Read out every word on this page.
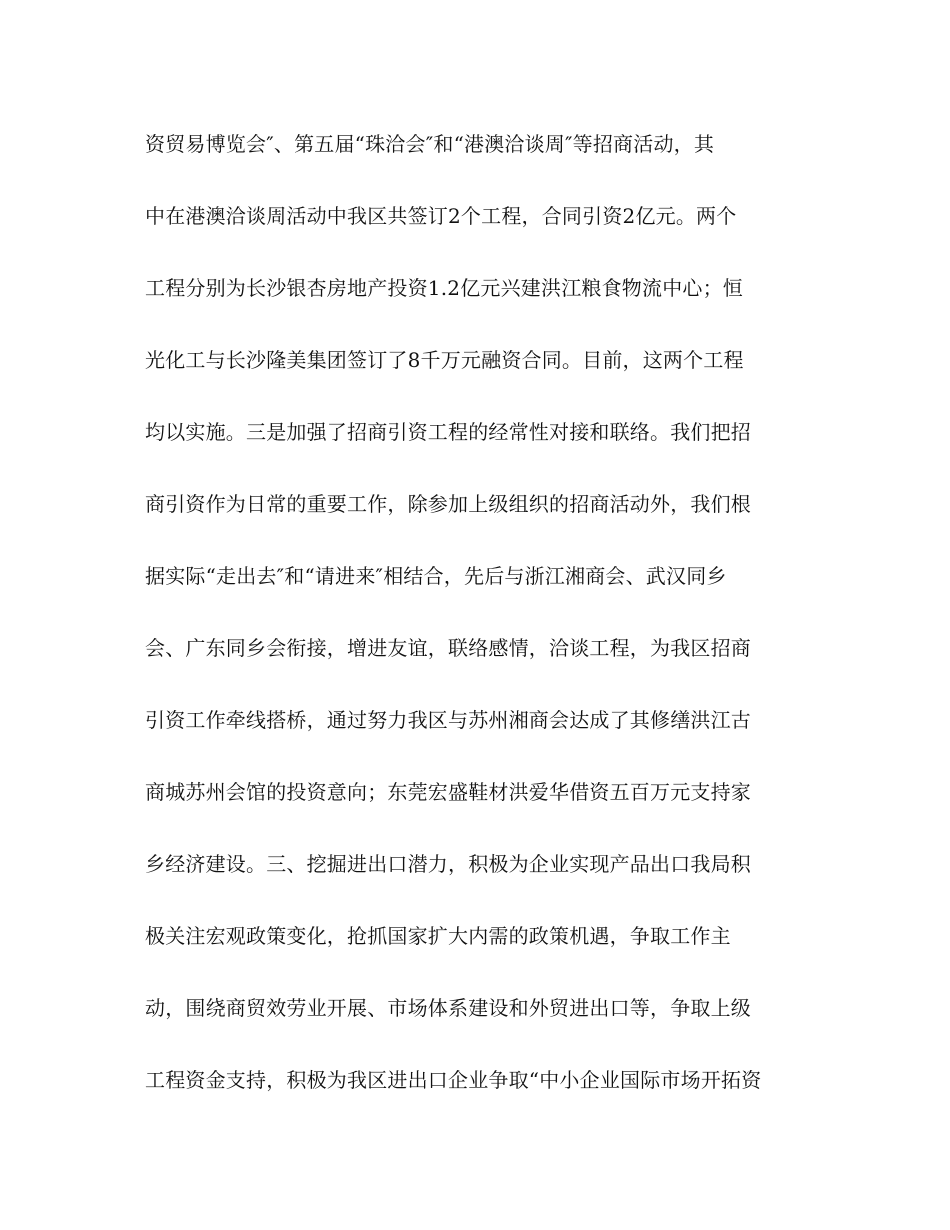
资贸易博览会″、第五届“珠洽会″和“港澳洽谈周″等招商活动，其
中在港澳洽谈周活动中我区共签订2个工程，合同引资2亿元。两个
工程分别为长沙银杏房地产投资1.2亿元兴建洪江粮食物流中心；恒
光化工与长沙隆美集团签订了8千万元融资合同。目前，这两个工程
均以实施。三是加强了招商引资工程的经常性对接和联络。我们把招
商引资作为日常的重要工作，除参加上级组织的招商活动外，我们根
据实际“走出去″和“请进来″相结合，先后与浙江湘商会、武汉同乡
会、广东同乡会衔接，增进友谊，联络感情，洽谈工程，为我区招商
引资工作牵线搭桥，通过努力我区与苏州湘商会达成了其修缮洪江古
商城苏州会馆的投资意向；东莞宏盛鞋材洪爱华借资五百万元支持家
乡经济建设。三、挖掘进出口潜力，积极为企业实现产品出口我局积
极关注宏观政策变化，抢抓国家扩大内需的政策机遇，争取工作主
动，围绕商贸效劳业开展、市场体系建设和外贸进出口等，争取上级
工程资金支持，积极为我区进出口企业争取“中小企业国际市场开拓资
